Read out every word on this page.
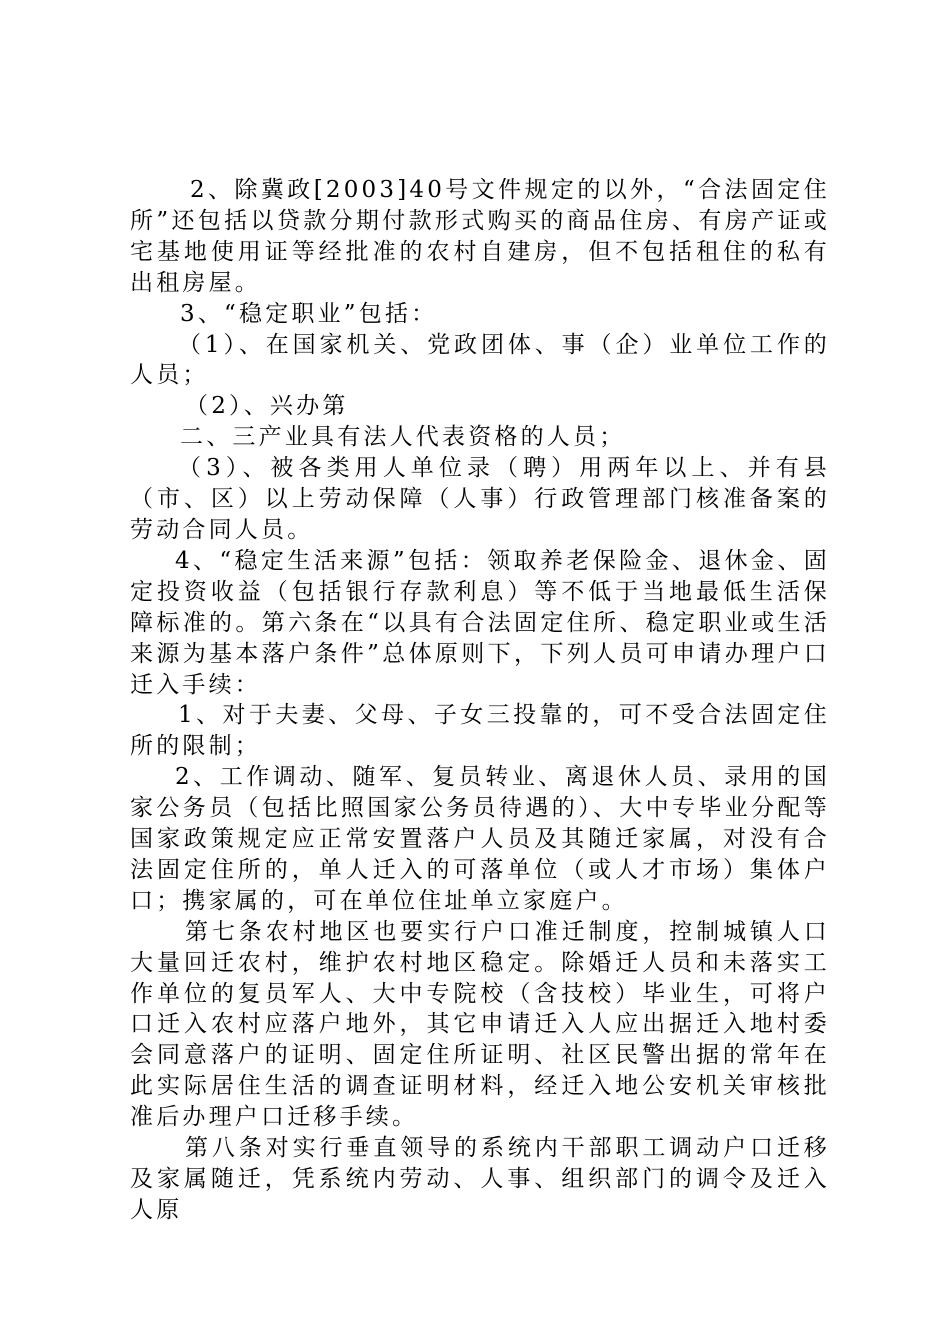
2、除冀政[2003]40号文件规定的以外，“合法固定住所”还包括以贷款分期付款形式购买的商品住房、有房产证或宅基地使用证等经批准的农村自建房，但不包括租住的私有出租房屋。

3、“稳定职业”包括：

（1）、在国家机关、党政团体、事（企）业单位工作的人员；

（2）、兴办第

二、三产业具有法人代表资格的人员；

（3）、被各类用人单位录（聘）用两年以上、并有县（市、区）以上劳动保障（人事）行政管理部门核准备案的劳动合同人员。

4、“稳定生活来源”包括：领取养老保险金、退休金、固定投资收益（包括银行存款利息）等不低于当地最低生活保障标准的。第六条在“以具有合法固定住所、稳定职业或生活来源为基本落户条件”总体原则下，下列人员可申请办理户口迁入手续：

1、对于夫妻、父母、子女三投靠的，可不受合法固定住所的限制；

2、工作调动、随军、复员转业、离退休人员、录用的国家公务员（包括比照国家公务员待遇的）、大中专毕业分配等国家政策规定应正常安置落户人员及其随迁家属，对没有合法固定住所的，单人迁入的可落单位（或人才市场）集体户口；携家属的，可在单位住址单立家庭户。

第七条农村地区也要实行户口准迁制度，控制城镇人口大量回迁农村，维护农村地区稳定。除婚迁人员和未落实工作单位的复员军人、大中专院校（含技校）毕业生，可将户口迁入农村应落户地外，其它申请迁入人应出据迁入地村委会同意落户的证明、固定住所证明、社区民警出据的常年在此实际居住生活的调查证明材料，经迁入地公安机关审核批准后办理户口迁移手续。

第八条对实行垂直领导的系统内干部职工调动户口迁移及家属随迁，凭系统内劳动、人事、组织部门的调令及迁入人原
